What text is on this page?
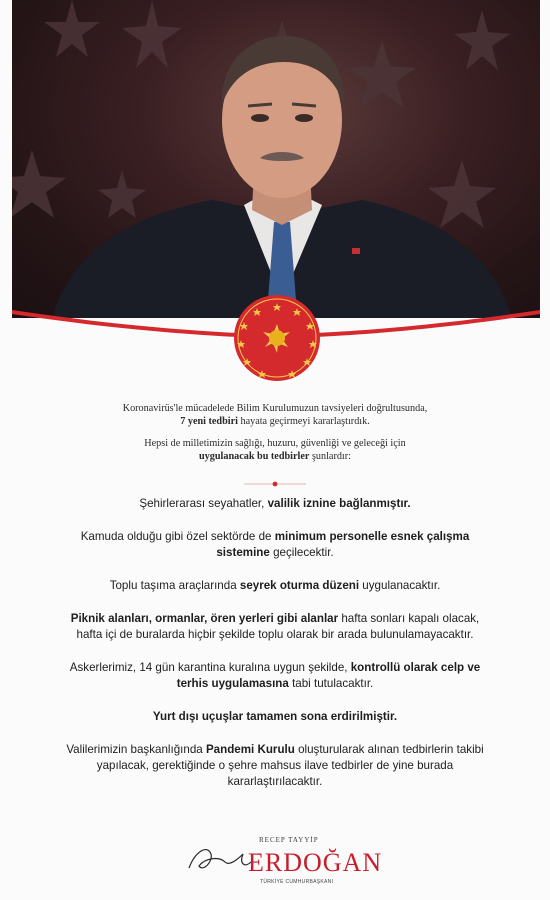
Koronavirüs'le mücadelede Bilim Kurulumuzun tavsiyeleri doğrultusunda, 7 yeni tedbiri hayata geçirmeyi kararlaştırdık.

Hepsi de milletimizin sağlığı, huzuru, güvenliği ve geleceği için uygulanacak bu tedbirler şunlardır:

Şehirlerarası seyahatler, valilik iznine bağlanmıştır.

Kamuda olduğu gibi özel sektörde de minimum personelle esnek çalışma sistemine geçilecektir.

Toplu taşıma araçlarında seyrek oturma düzeni uygulanacaktır.

Piknik alanları, ormanlar, ören yerleri gibi alanlar hafta sonları kapalı olacak, hafta içi de buralarda hiçbir şekilde toplu olarak bir arada bulunulamayacaktır.

Askerlerimiz, 14 gün karantina kuralına uygun şekilde, kontrollü olarak celp ve terhis uygulamasına tabi tutulacaktır.

Yurt dışı uçuşlar tamamen sona erdirilmiştir.

Valilerimizin başkanlığında Pandemi Kurulu oluşturularak alınan tedbirlerin takibi yapılacak, gerektiğinde o şehre mahsus ilave tedbirler de yine burada kararlaştırılacaktır.

RECEP TAYYİP
ERDOĞAN
TÜRKİYE CUMHURBAŞKANI
